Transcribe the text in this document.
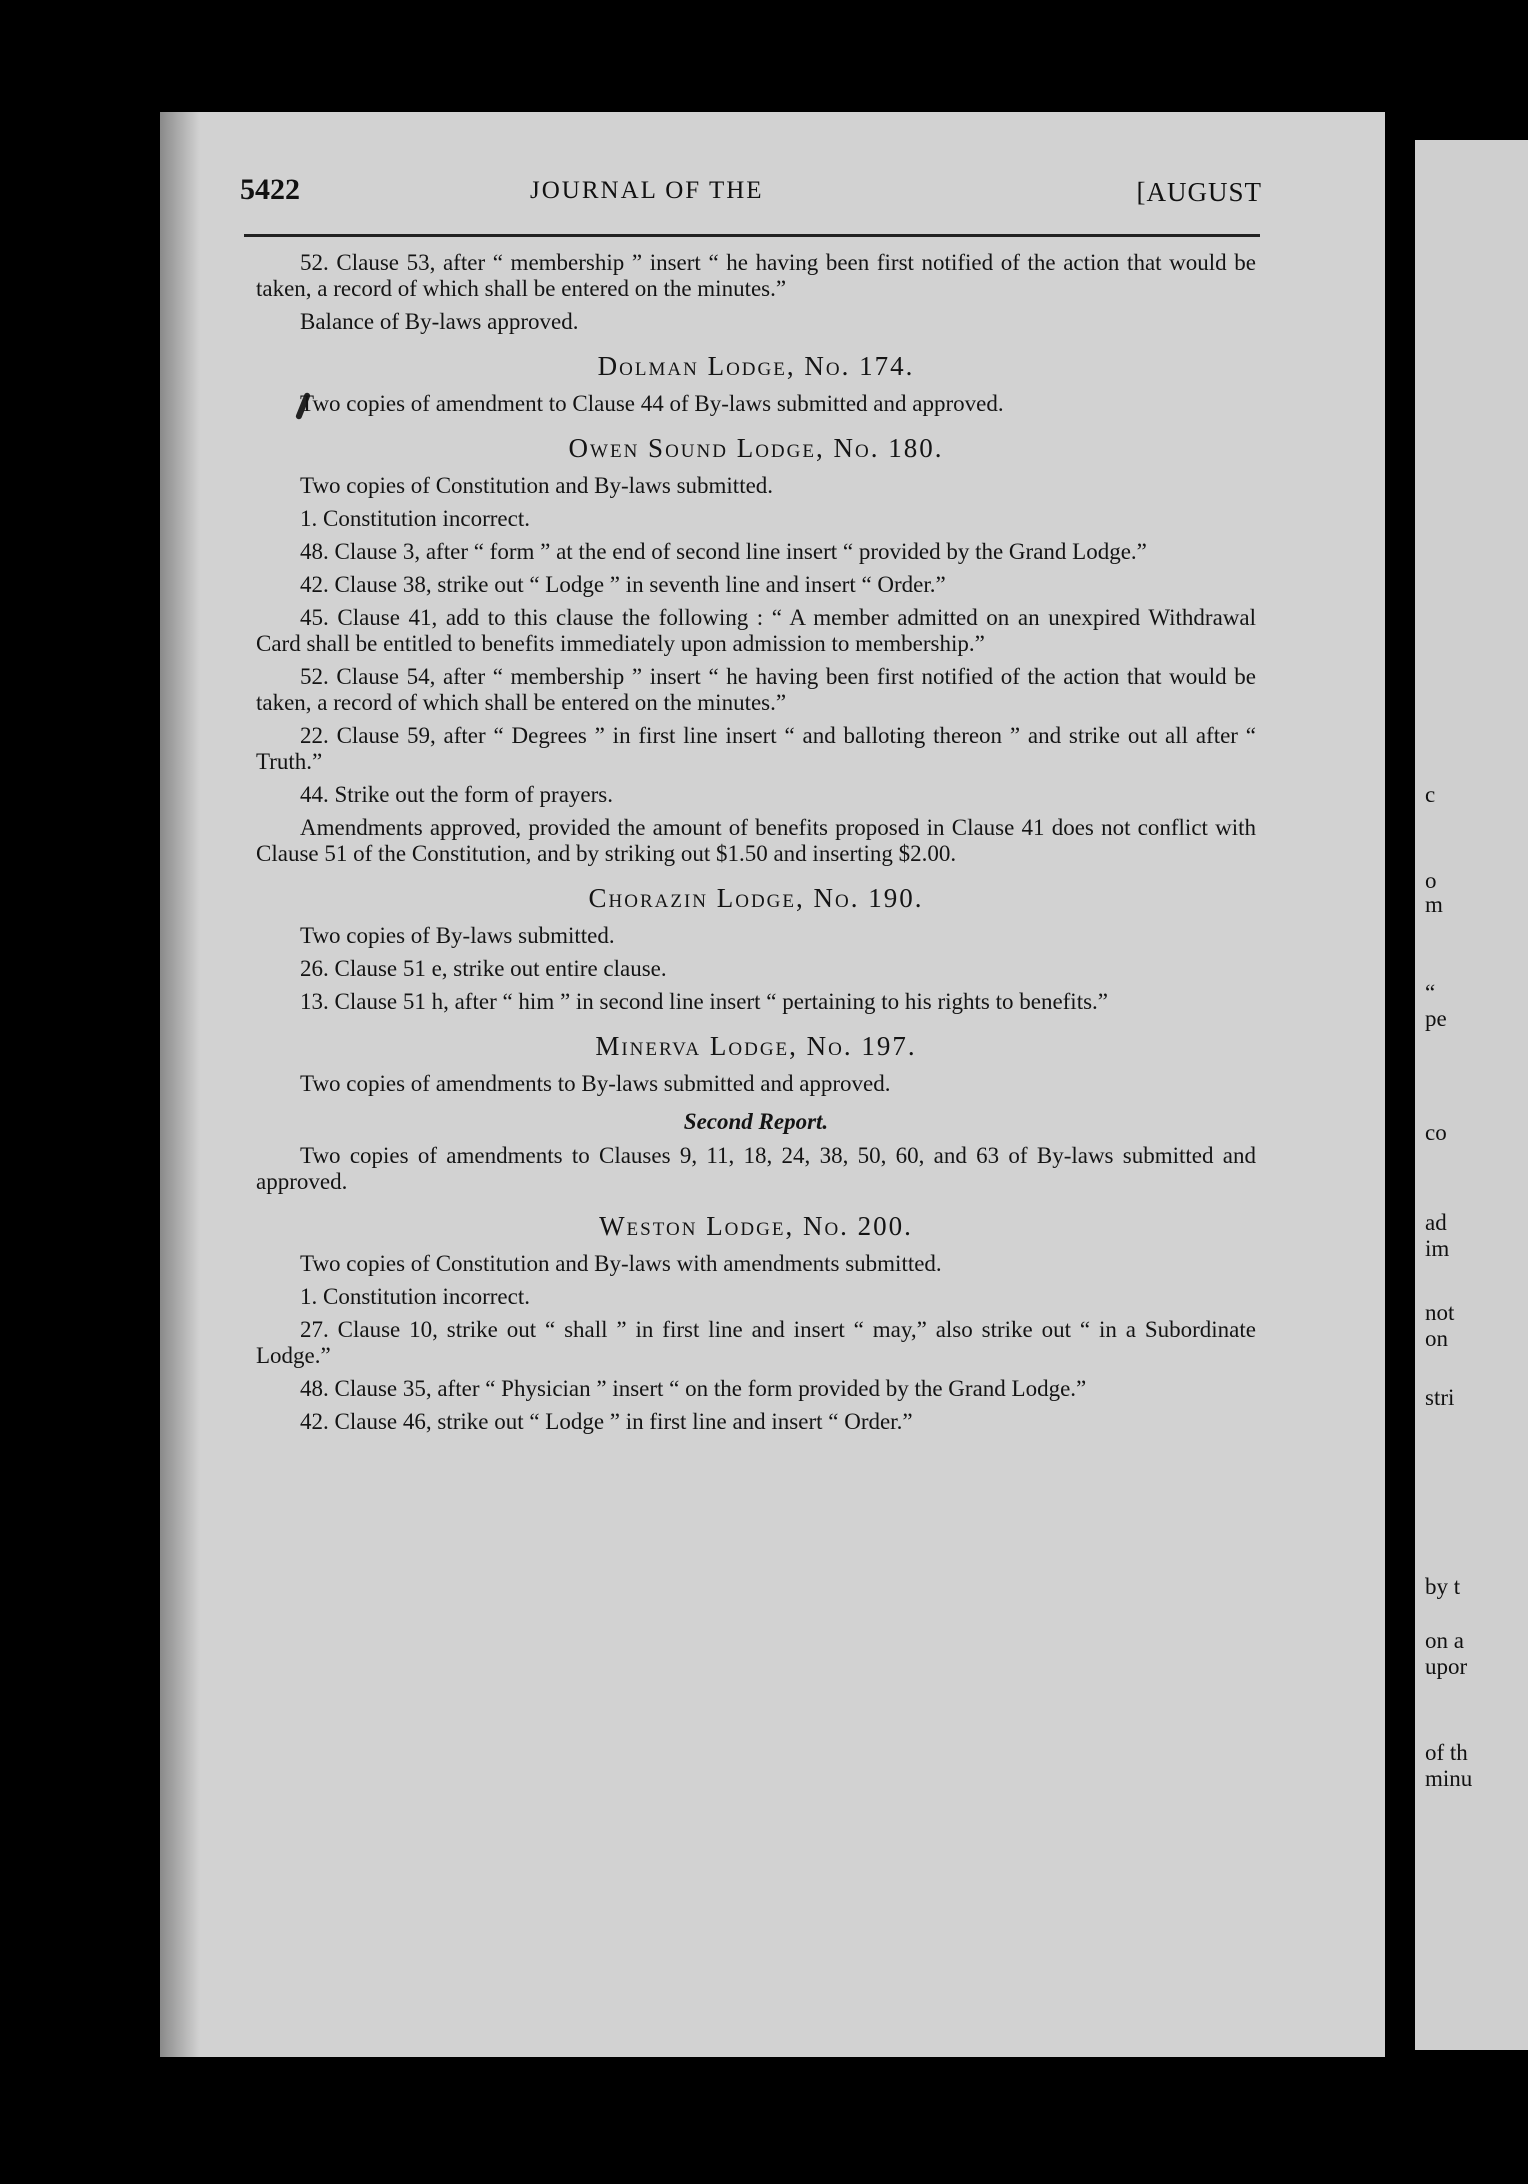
c
o
m
“
pe
co
ad
im
not
on
stri
by t
on a
upor
of th
minu
5422	JOURNAL OF THE	[AUGUST

52. Clause 53, after “ membership ” insert “ he having been first notified of the action that would be taken, a record of which shall be entered on the minutes.”

Balance of By-laws approved.

Dolman Lodge, No. 174.

Two copies of amendment to Clause 44 of By-laws submitted and approved.

Owen Sound Lodge, No. 180.

Two copies of Constitution and By-laws submitted.

1. Constitution incorrect.

48. Clause 3, after “ form ” at the end of second line insert “ provided by the Grand Lodge.”

42. Clause 38, strike out “ Lodge ” in seventh line and insert “ Order.”

45. Clause 41, add to this clause the following : “ A member admitted on an unexpired Withdrawal Card shall be entitled to benefits immediately upon admission to membership.”

52. Clause 54, after “ membership ” insert “ he having been first notified of the action that would be taken, a record of which shall be entered on the minutes.”

22. Clause 59, after “ Degrees ” in first line insert “ and balloting thereon ” and strike out all after “ Truth.”

44. Strike out the form of prayers.

Amendments approved, provided the amount of benefits proposed in Clause 41 does not conflict with Clause 51 of the Constitution, and by striking out $1.50 and inserting $2.00.

Chorazin Lodge, No. 190.

Two copies of By-laws submitted.

26. Clause 51 e, strike out entire clause.

13. Clause 51 h, after “ him ” in second line insert “ pertaining to his rights to benefits.”

Minerva Lodge, No. 197.

Two copies of amendments to By-laws submitted and approved.

Second Report.

Two copies of amendments to Clauses 9, 11, 18, 24, 38, 50, 60, and 63 of By-laws submitted and approved.

Weston Lodge, No. 200.

Two copies of Constitution and By-laws with amendments submitted.

1. Constitution incorrect.

27. Clause 10, strike out “ shall ” in first line and insert “ may,” also strike out “ in a Subordinate Lodge.”

48. Clause 35, after “ Physician ” insert “ on the form provided by the Grand Lodge.”

42. Clause 46, strike out “ Lodge ” in first line and insert “ Order.”
